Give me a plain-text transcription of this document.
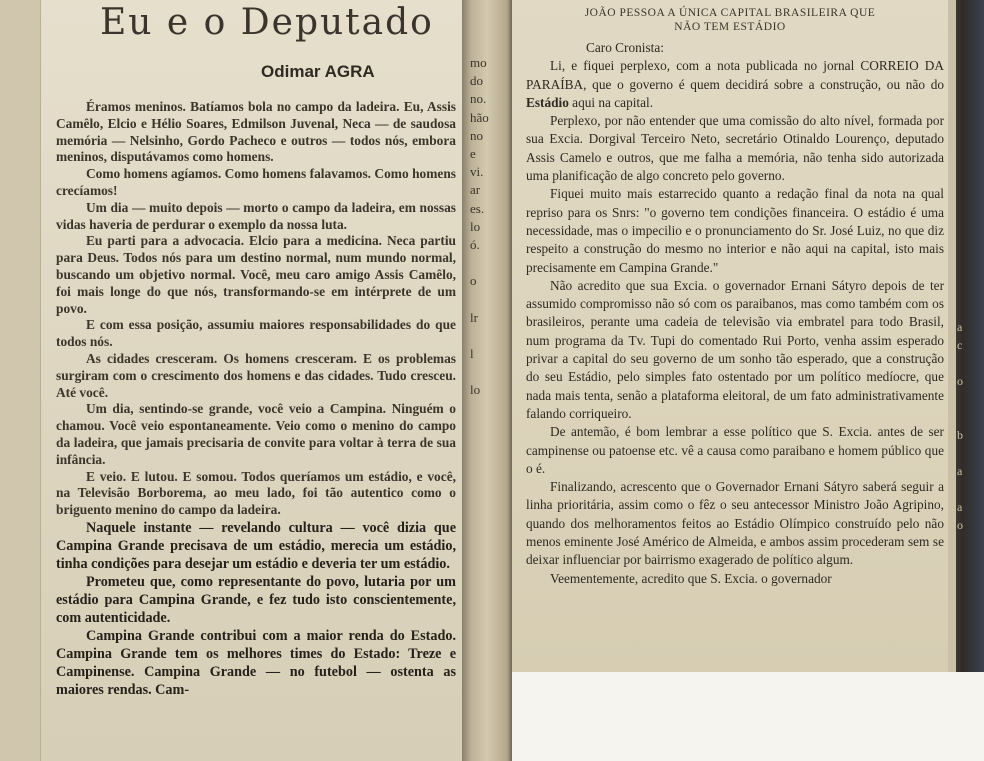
Eu e o Deputado
Odimar AGRA

Éramos meninos. Batíamos bola no campo da ladeira. Eu, Assis Camêlo, Elcio e Hélio Soares, Edmilson Juvenal, Neca — de saudosa memória — Nelsinho, Gordo Pacheco e outros — todos nós, embora meninos, disputávamos como homens.

Como homens agíamos. Como homens falavamos. Como homens crecíamos!

Um dia — muito depois — morto o campo da ladeira, em nossas vidas haveria de perdurar o exemplo da nossa luta.

Eu parti para a advocacia. Elcio para a medicina. Neca partiu para Deus. Todos nós para um destino normal, num mundo normal, buscando um objetivo normal. Você, meu caro amigo Assis Camêlo, foi mais longe do que nós, transformando-se em intérprete de um povo.

E com essa posição, assumiu maiores responsabilidades do que todos nós.

As cidades cresceram. Os homens cresceram. E os problemas surgiram com o crescimento dos homens e das cidades. Tudo cresceu. Até você.

Um dia, sentindo-se grande, você veio a Campina. Ninguém o chamou. Você veio espontaneamente. Veio como o menino do campo da ladeira, que jamais precisaria de convite para voltar à terra de sua infância.

E veio. E lutou. E somou. Todos queríamos um estádio, e você, na Televisão Borborema, ao meu lado, foi tão autentico como o briguento menino do campo da ladeira.

Naquele instante — revelando cultura — você dizia que Campina Grande precisava de um estádio, merecia um estádio, tinha condições para desejar um estádio e deveria ter um estádio.

Prometeu que, como representante do povo, lutaria por um estádio para Campina Grande, e fez tudo isto conscientemente, com autenticidade.

Campina Grande contribui com a maior renda do Estado. Campina Grande tem os melhores times do Estado: Treze e Campinense. Campina Grande — no futebol — ostenta as maiores rendas. Cam-

mo
do
no.
hão
no
e
vi.
ar
es.
lo
ó.
o
lr
l
lo
JOÃO PESSOA A ÚNICA CAPITAL BRASILEIRA QUE
NÃO TEM ESTÁDIO

Caro Cronista:

Li, e fiquei perplexo, com a nota publicada no jornal CORREIO DA PARAÍBA, que o governo é quem decidirá sobre a construção, ou não do Estádio aqui na capital.

Perplexo, por não entender que uma comissão do alto nível, formada por sua Excia. Dorgival Terceiro Neto, secretário Otinaldo Lourenço, deputado Assis Camelo e outros, que me falha a memória, não tenha sido autorizada uma planificação de algo concreto pelo governo.

Fiquei muito mais estarrecido quanto a redação final da nota na qual repriso para os Snrs: "o governo tem condições financeira. O estádio é uma necessidade, mas o impecilio e o pronunciamento do Sr. José Luiz, no que diz respeito a construção do mesmo no interior e não aqui na capital, isto mais precisamente em Campina Grande."

Não acredito que sua Excia. o governador Ernani Sátyro depois de ter assumido compromisso não só com os paraibanos, mas como também com os brasileiros, perante uma cadeia de televisão via embratel para todo Brasil, num programa da Tv. Tupi do comentado Rui Porto, venha assim esperado privar a capital do seu governo de um sonho tão esperado, que a construção do seu Estádio, pelo simples fato ostentado por um político medíocre, que nada mais tenta, senão a plataforma eleitoral, de um fato administrativamente falando corriqueiro.

De antemão, é bom lembrar a esse político que S. Excia. antes de ser campinense ou patoense etc. vê a causa como paraibano e homem público que o é.

Finalizando, acrescento que o Governador Ernani Sátyro saberá seguir a linha prioritária, assim como o fêz o seu antecessor Ministro João Agripino, quando dos melhoramentos feitos ao Estádio Olímpico construído pelo não menos eminente José Américo de Almeida, e ambos assim procederam sem se deixar influenciar por bairrismo exagerado de político algum.

Veementemente, acredito que S. Excia. o governador

a
c
o
b
a
a
o
